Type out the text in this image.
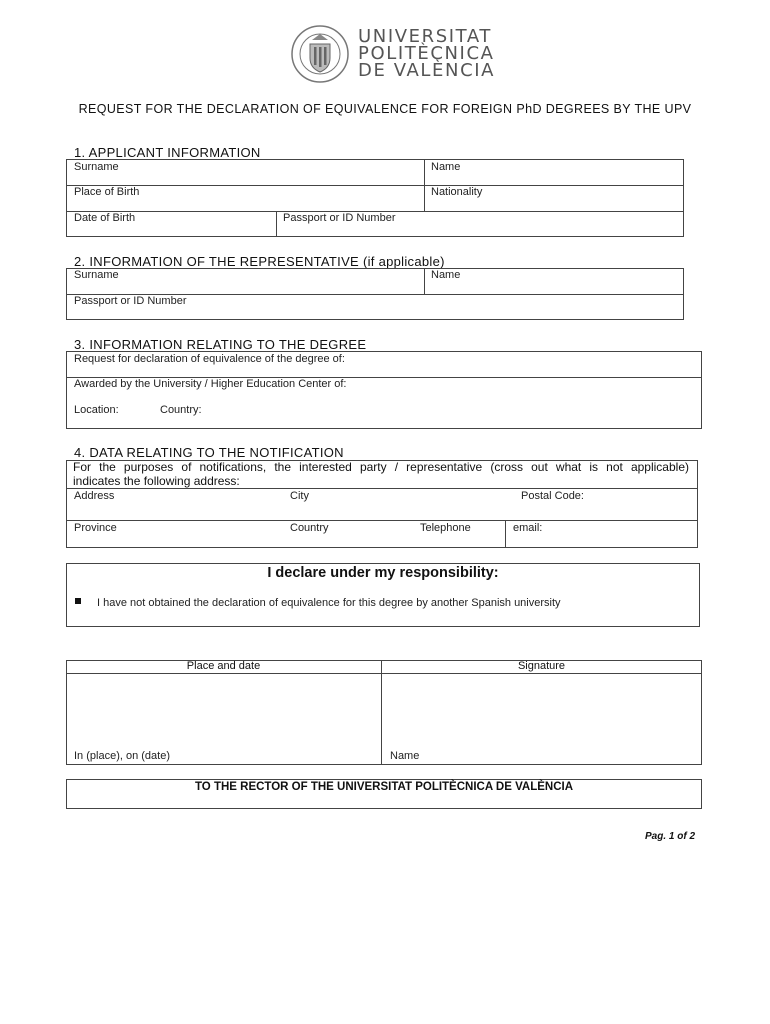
UNIVERSITAT
POLITÈCNICA
DE VALÈNCIA
REQUEST FOR THE DECLARATION OF EQUIVALENCE FOR FOREIGN PhD DEGREES BY THE UPV
1. APPLICANT INFORMATION
Surname	Name
Place of Birth	Nationality
Date of Birth	Passport or ID Number
2. INFORMATION OF THE REPRESENTATIVE (if applicable)
Surname	Name
Passport or ID Number
3. INFORMATION RELATING TO THE DEGREE
Request for declaration of equivalence of the degree of:
Awarded by the University / Higher Education Center of:
Location:	Country:
4. DATA RELATING TO THE NOTIFICATION
For the purposes of notifications, the interested party / representative (cross out what is not applicable)
indicates the following address:
Address	City	Postal Code:
Province	Country	Telephone	email:
I declare under my responsibility:
I have not obtained the declaration of equivalence for this degree by another Spanish university
Place and date	Signature
In (place), on (date)	Name
TO THE RECTOR OF THE UNIVERSITAT POLITÈCNICA DE VALÈNCIA
Pag. 1 of 2
